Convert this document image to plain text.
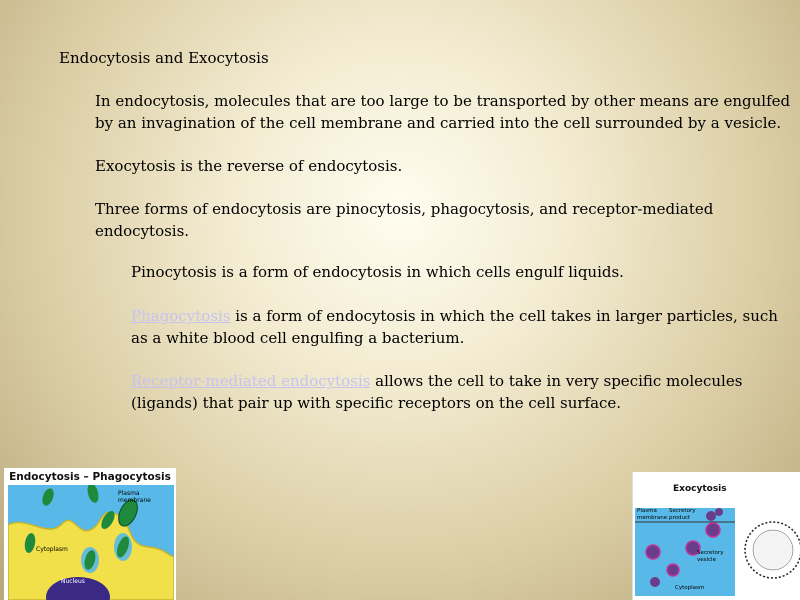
Endocytosis and Exocytosis

In endocytosis, molecules that are too large to be transported by other means are engulfed by an invagination of the cell membrane and carried into the cell surrounded by a vesicle.

Exocytosis is the reverse of endocytosis.

Three forms of endocytosis are pinocytosis, phagocytosis, and receptor-mediated endocytosis.

Pinocytosis is a form of endocytosis in which cells engulf liquids.

Phagocytosis is a form of endocytosis in which the cell takes in larger particles, such as a white blood cell engulfing a bacterium.

Receptor-mediated endocytosis allows the cell to take in very specific molecules (ligands) that pair up with specific receptors on the cell surface.

Endocytosis – Phagocytosis
Plasma membrane
Cytoplasm
Nucleus
Exocytosis
Plasma membrane
Secretory product
Secretory vesicle
Cytoplasm
